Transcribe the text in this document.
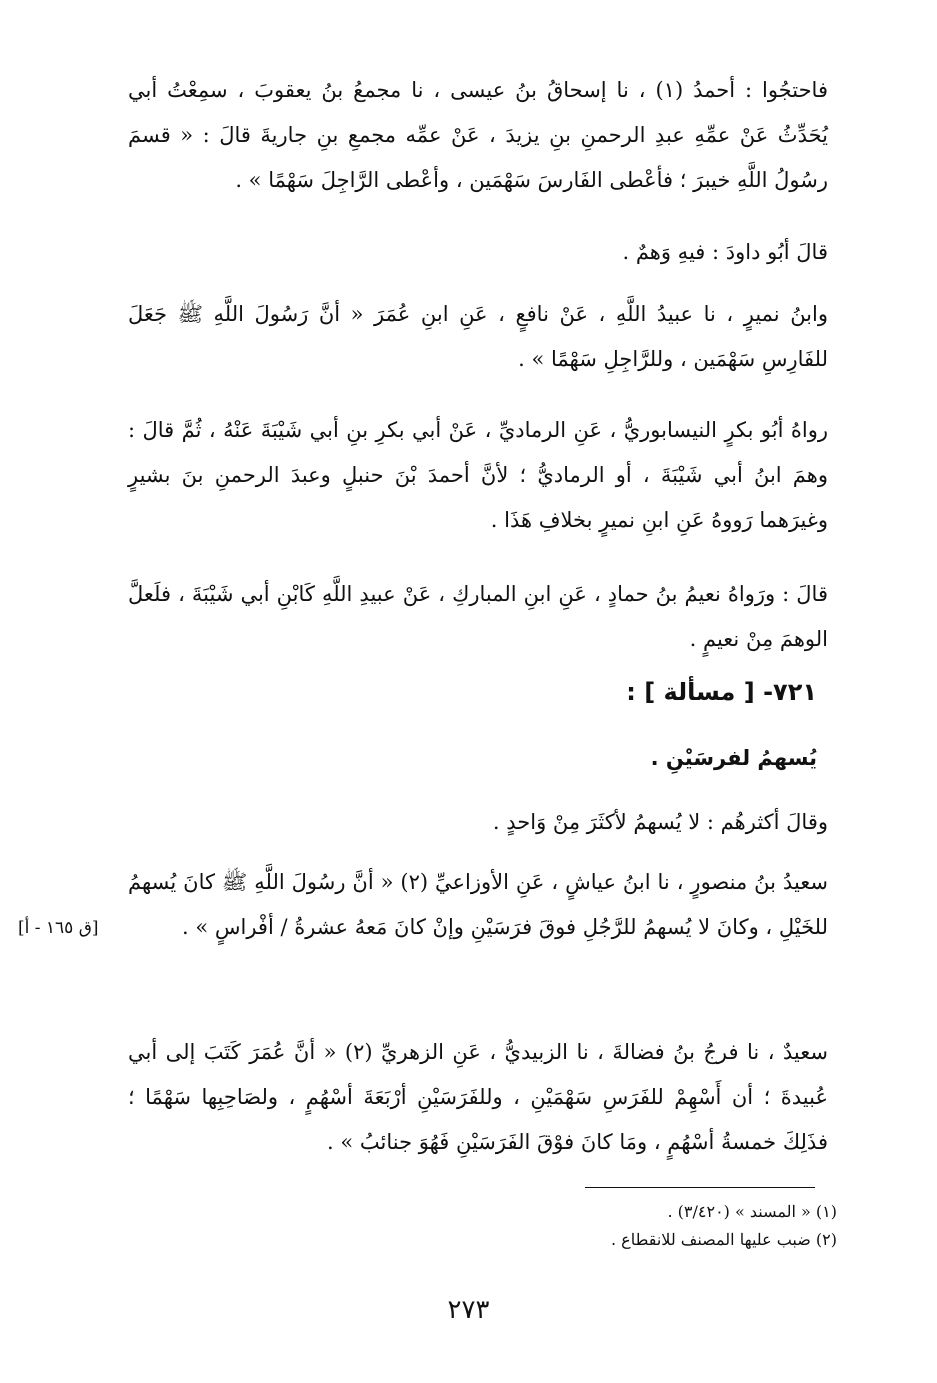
فاحتجُوا : أحمدُ (١) ، نا إسحاقُ بنُ عيسى ، نا مجمعُ بنُ يعقوبَ ، سمِعْتُ أبي يُحَدِّثُ عَنْ عمِّهِ عبدِ الرحمنِ بنِ يزيدَ ، عَنْ عمِّه مجمعِ بنِ جاريةَ قالَ : « قسمَ رسُولُ اللَّهِ خيبرَ ؛ فأعْطى الفَارسَ سَهْمَين ، وأعْطى الرَّاجِلَ سَهْمًا » .

قالَ أبُو داودَ : فيهِ وَهمٌ .

وابنُ نميرٍ ، نا عبيدُ اللَّهِ ، عَنْ نافعٍ ، عَنِ ابنِ عُمَرَ « أنَّ رَسُولَ اللَّهِ ﷺ جَعَلَ للفَارِسِ سَهْمَين ، وللرَّاجِلِ سَهْمًا » .

رواهُ أبُو بكرٍ النيسابوريُّ ، عَنِ الرماديِّ ، عَنْ أبي بكرِ بنِ أبي شَيْبَةَ عَنْهُ ، ثُمَّ قالَ : وهمَ ابنُ أبي شَيْبَةَ ، أو الرماديُّ ؛ لأنَّ أحمدَ بْنَ حنبلٍ وعبدَ الرحمنِ بنَ بشيرٍ وغيرَهما رَووهُ عَنِ ابنِ نميرٍ بخلافِ هَذَا .

قالَ : ورَواهُ نعيمُ بنُ حمادٍ ، عَنِ ابنِ المباركِ ، عَنْ عبيدِ اللَّهِ كَابْنِ أبي شَيْبَةَ ، فلَعلَّ الوهمَ مِنْ نعيمٍ .

٧٢١- [ مسألة ] :
يُسهمُ لفرسَيْنِ .

وقالَ أكثرهُم : لا يُسهمُ لأكثَرَ مِنْ وَاحدٍ .

سعيدُ بنُ منصورٍ ، نا ابنُ عياشٍ ، عَنِ الأوزاعيِّ (٢) « أنَّ رسُولَ اللَّهِ ﷺ كانَ يُسهمُ للخَيْلِ ، وكانَ لا يُسهمُ للرَّجُلِ فوقَ فرَسَيْنِ وإنْ كانَ مَعهُ عشرةُ / أفْراسٍ » .

[ق ١٦٥ - أ]

سعيدٌ ، نا فرجُ بنُ فضالةَ ، نا الزبيديُّ ، عَنِ الزهريِّ (٢) « أنَّ عُمَرَ كَتَبَ إلى أبي عُبيدةَ ؛ أن أَسْهِمْ للفَرَسِ سَهْمَيْنِ ، وللفَرَسَيْنِ أرْبَعَةَ أسْهُمٍ ، ولصَاحِبِها سَهْمًا ؛ فذَلِكَ خمسةُ أسْهُمٍ ، ومَا كانَ فوْقَ الفَرَسَيْنِ فَهُوَ جنائبُ » .

(١) « المسند » (٣/٤٢٠) .

(٢) ضبب عليها المصنف للانقطاع .

٢٧٣
